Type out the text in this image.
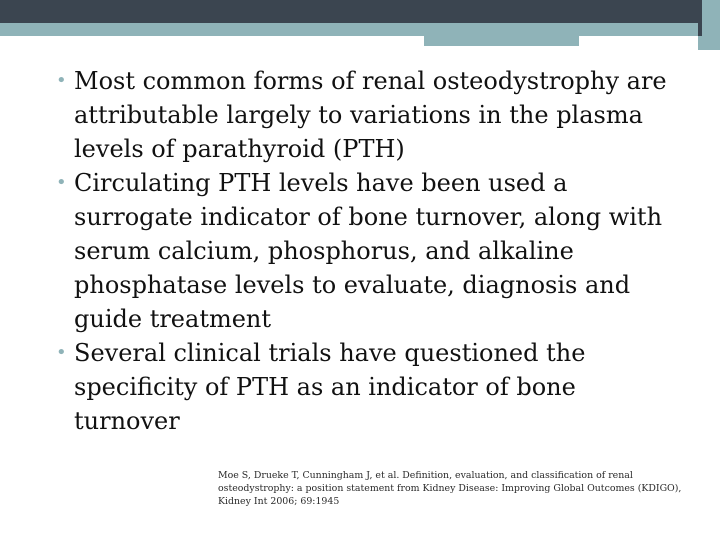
• Most common forms of renal osteodystrophy are attributable largely to variations in the plasma levels of parathyroid (PTH)
• Circulating PTH levels have been used a surrogate indicator of bone turnover, along with serum calcium, phosphorus, and alkaline phosphatase levels to evaluate, diagnosis and guide treatment
• Several clinical trials have questioned the specificity of PTH as an indicator of bone turnover

Moe S, Drueke T, Cunningham J, et al. Definition, evaluation, and classification of renal osteodystrophy: a position statement from Kidney Disease: Improving Global Outcomes (KDIGO), Kidney Int 2006; 69:1945
